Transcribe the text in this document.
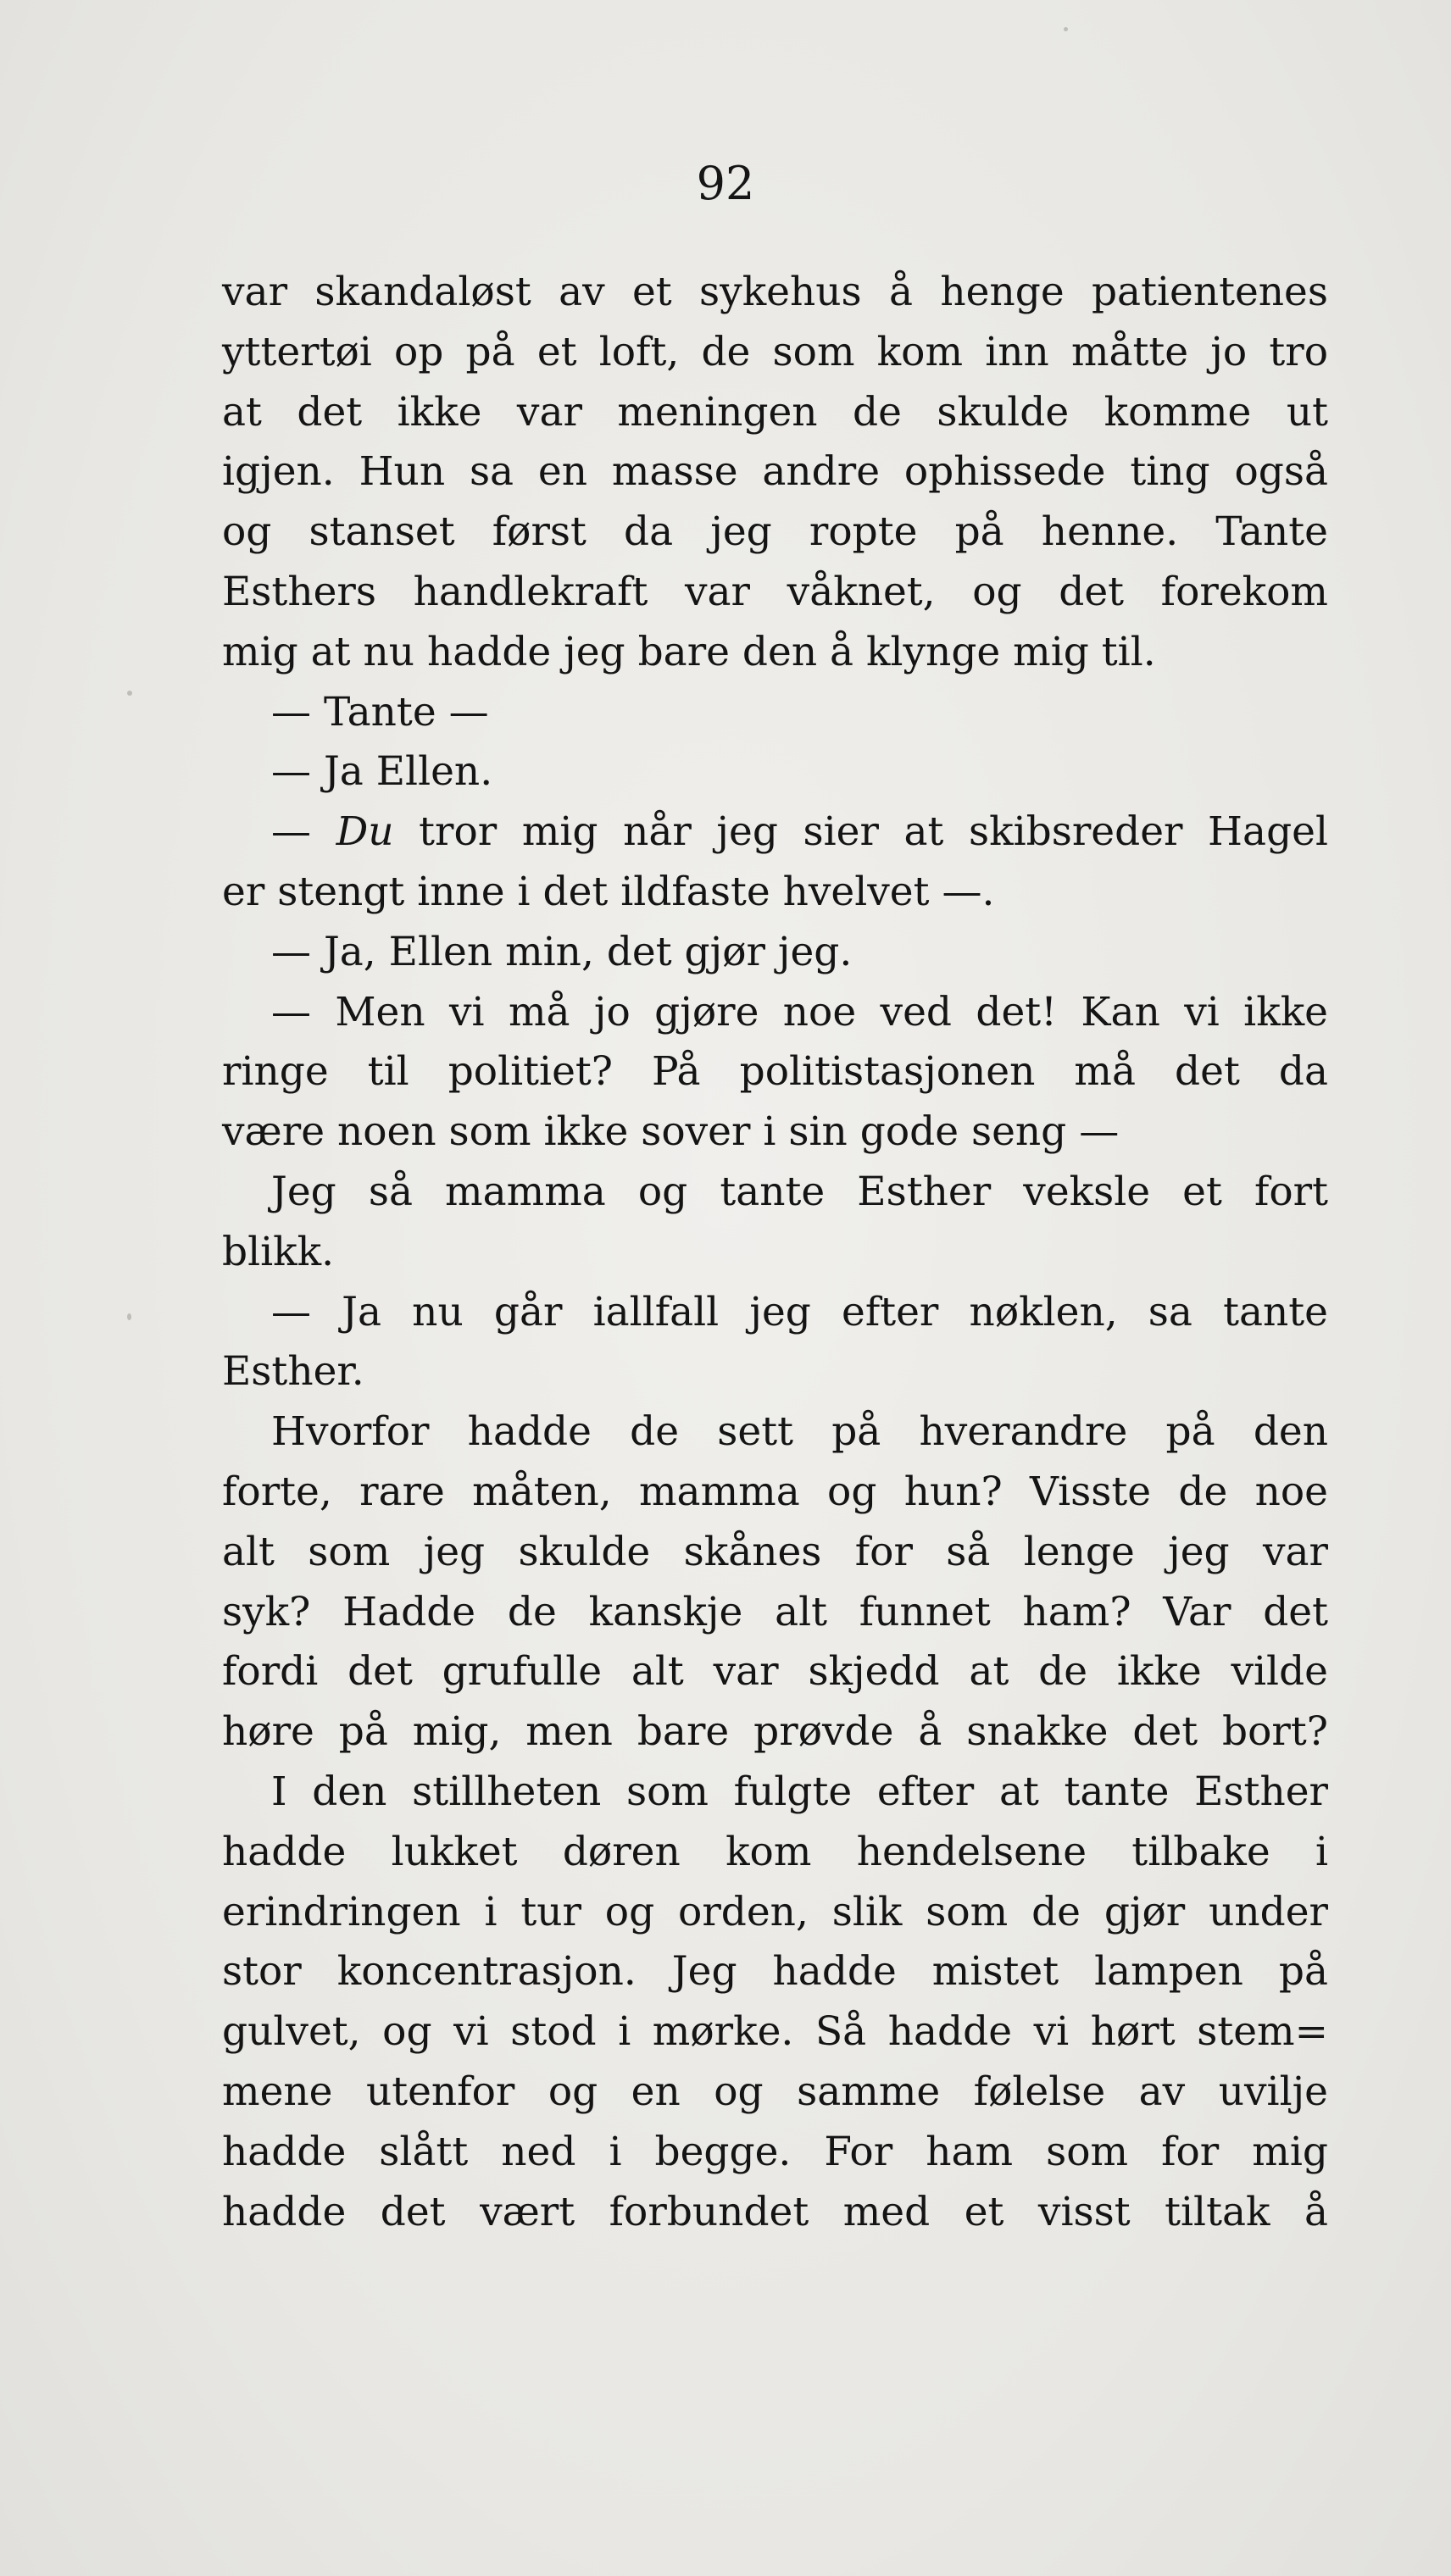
92
var skandaløst av et sykehus å henge patientenes
yttertøi op på et loft, de som kom inn måtte jo tro
at det ikke var meningen de skulde komme ut
igjen. Hun sa en masse andre ophissede ting også
og stanset først da jeg ropte på henne. Tante
Esthers handlekraft var våknet, og det forekom
mig at nu hadde jeg bare den å klynge mig til.
— Tante —
— Ja Ellen.
— Du tror mig når jeg sier at skibsreder Hagel
er stengt inne i det ildfaste hvelvet —.
— Ja, Ellen min, det gjør jeg.
— Men vi må jo gjøre noe ved det! Kan vi ikke
ringe til politiet? På politistasjonen må det da
være noen som ikke sover i sin gode seng —
Jeg så mamma og tante Esther veksle et fort
blikk.
— Ja nu går iallfall jeg efter nøklen, sa tante
Esther.
Hvorfor hadde de sett på hverandre på den
forte, rare måten, mamma og hun? Visste de noe
alt som jeg skulde skånes for så lenge jeg var
syk? Hadde de kanskje alt funnet ham? Var det
fordi det grufulle alt var skjedd at de ikke vilde
høre på mig, men bare prøvde å snakke det bort?
I den stillheten som fulgte efter at tante Esther
hadde lukket døren kom hendelsene tilbake i
erindringen i tur og orden, slik som de gjør under
stor koncentrasjon. Jeg hadde mistet lampen på
gulvet, og vi stod i mørke. Så hadde vi hørt stem=
mene utenfor og en og samme følelse av uvilje
hadde slått ned i begge. For ham som for mig
hadde det vært forbundet med et visst tiltak å
